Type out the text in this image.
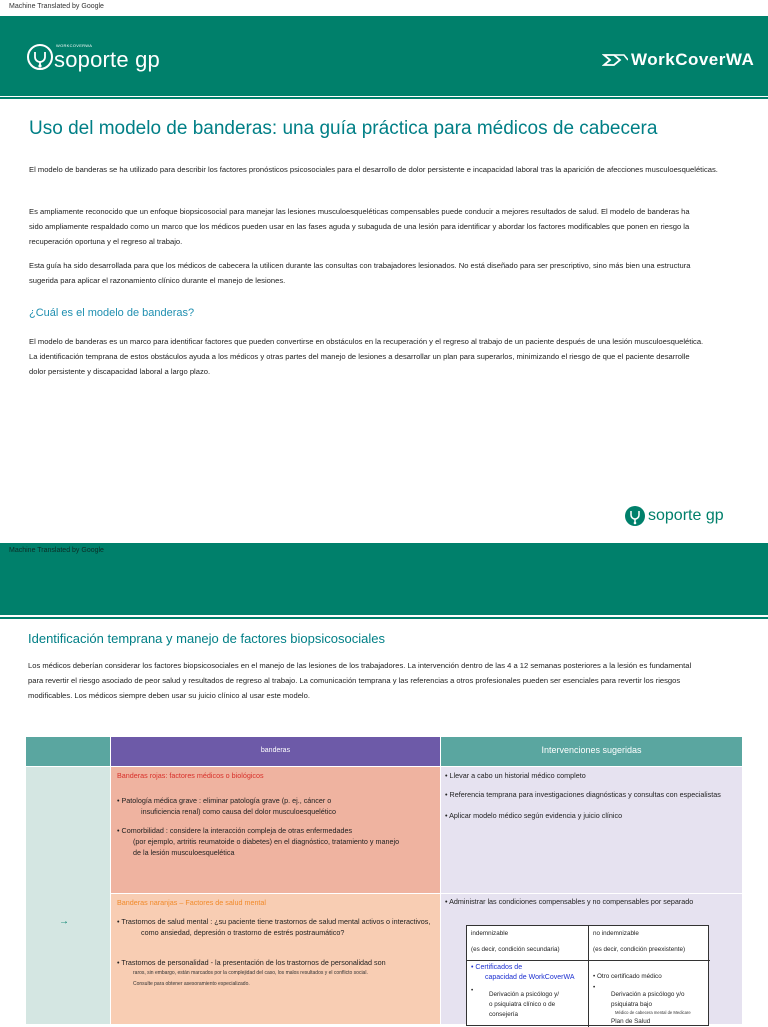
Machine Translated by Google
WORKCOVERWA
soporte gp	WorkCoverWA
Uso del modelo de banderas: una guía práctica para médicos de cabecera
El modelo de banderas se ha utilizado para describir los factores pronósticos psicosociales para el desarrollo de dolor persistente e incapacidad laboral tras la aparición de afecciones musculoesqueléticas.
Es ampliamente reconocido que un enfoque biopsicosocial para manejar las lesiones musculoesqueléticas compensables puede conducir a mejores resultados de salud. El modelo de banderas ha
sido ampliamente respaldado como un marco que los médicos pueden usar en las fases aguda y subaguda de una lesión para identificar y abordar los factores modificables que ponen en riesgo la
recuperación oportuna y el regreso al trabajo.
Esta guía ha sido desarrollada para que los médicos de cabecera la utilicen durante las consultas con trabajadores lesionados. No está diseñado para ser prescriptivo, sino más bien una estructura
sugerida para aplicar el razonamiento clínico durante el manejo de lesiones.
¿Cuál es el modelo de banderas?
El modelo de banderas es un marco para identificar factores que pueden convertirse en obstáculos en la recuperación y el regreso al trabajo de un paciente después de una lesión musculoesquelética.
La identificación temprana de estos obstáculos ayuda a los médicos y otras partes del manejo de lesiones a desarrollar un plan para superarlos, minimizando el riesgo de que el paciente desarrolle
dolor persistente y discapacidad laboral a largo plazo.
soporte gp
Machine Translated by Google
Identificación temprana y manejo de factores biopsicosociales
Los médicos deberían considerar los factores biopsicosociales en el manejo de las lesiones de los trabajadores. La intervención dentro de las 4 a 12 semanas posteriores a la lesión es fundamental
para revertir el riesgo asociado de peor salud y resultados de regreso al trabajo. La comunicación temprana y las referencias a otros profesionales pueden ser esenciales para revertir los riesgos
modificables. Los médicos siempre deben usar su juicio clínico al usar este modelo.
banderas	Intervenciones sugeridas
→
Banderas rojas: factores médicos o biológicos
• Patología médica grave : eliminar patología grave (p. ej., cáncer o
insuficiencia renal) como causa del dolor musculoesquelético
• Comorbilidad : considere la interacción compleja de otras enfermedades
(por ejemplo, artritis reumatoide o diabetes) en el diagnóstico, tratamiento y manejo
de la lesión musculoesquelética
• Llevar a cabo un historial médico completo
• Referencia temprana para investigaciones diagnósticas y consultas con especialistas
• Aplicar modelo médico según evidencia y juicio clínico
Banderas naranjas – Factores de salud mental
• Trastornos de salud mental : ¿su paciente tiene trastornos de salud mental activos o interactivos,
como ansiedad, depresión o trastorno de estrés postraumático?
• Trastornos de personalidad - la presentación de los trastornos de personalidad son
raros, sin embargo, están marcados por la complejidad del caso, los malos resultados y el conflicto social.
Consulte para obtener asesoramiento especializado.
• Administrar las condiciones compensables y no compensables por separado
indemnizable
(es decir, condición secundaria)
no indemnizable
(es decir, condición preexistente)
• Certificados de
capacidad de WorkCoverWA
•
Derivación a psicólogo y/
o psiquiatra clínico o de
consejería
• Otro certificado médico
•
Derivación a psicólogo y/o
psiquiatra bajo
Médico de cabecera mental de Medicare
Plan de Salud
